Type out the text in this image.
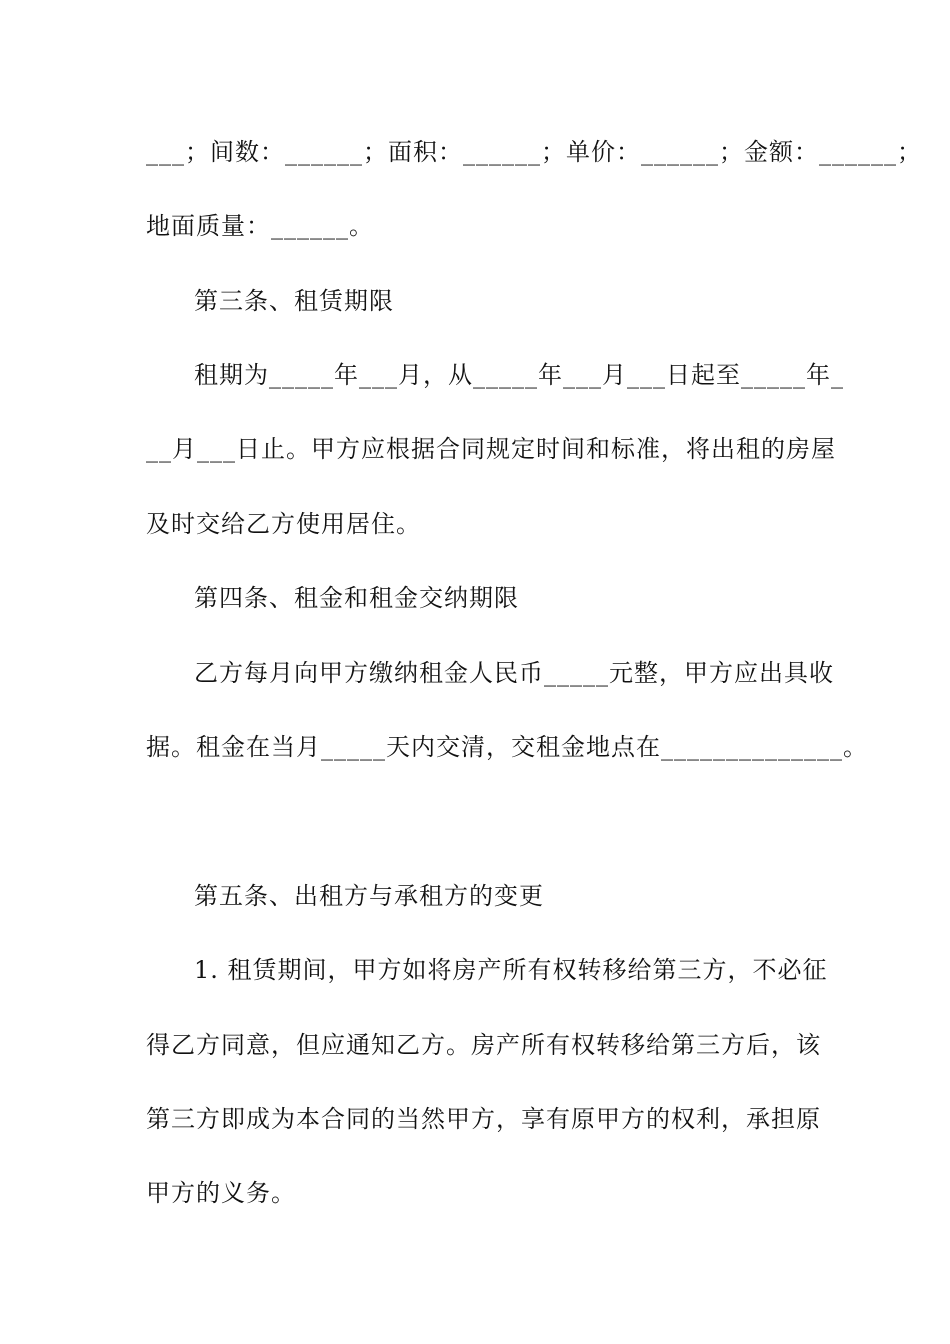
___；间数：______；面积：______；单价：______；金额：______；
地面质量：______。
第三条、租赁期限
租期为_____年___月，从_____年___月___日起至_____年_
__月___日止。甲方应根据合同规定时间和标准，将出租的房屋
及时交给乙方使用居住。
第四条、租金和租金交纳期限
乙方每月向甲方缴纳租金人民币_____元整，甲方应出具收
据。租金在当月_____天内交清，交租金地点在______________。
第五条、出租方与承租方的变更
1. 租赁期间，甲方如将房产所有权转移给第三方，不必征
得乙方同意，但应通知乙方。房产所有权转移给第三方后，该
第三方即成为本合同的当然甲方，享有原甲方的权利，承担原
甲方的义务。
